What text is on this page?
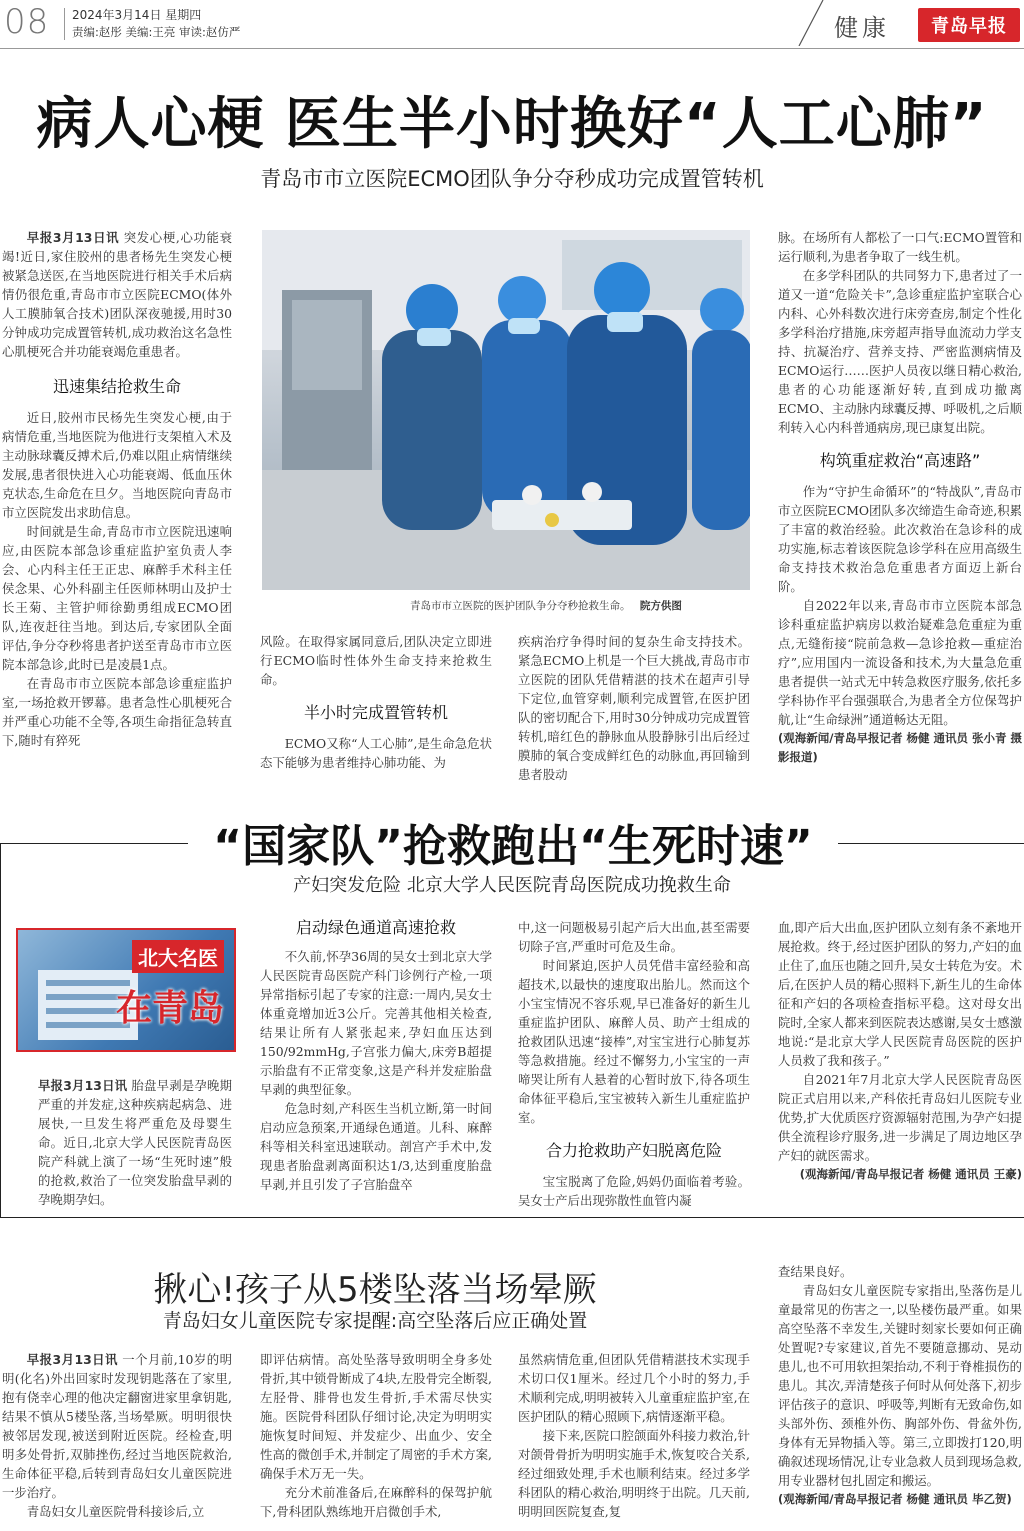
08 2024年3月14日 星期四
责编:赵彤 美编:王亮 审读:赵仿严	健康 青岛早报
病人心梗 医生半小时换好“人工心肺”
青岛市市立医院ECMO团队争分夺秒成功完成置管转机
青岛市市立医院的医护团队争分夺秒抢救生命。 院方供图

早报3月13日讯 突发心梗,心功能衰竭!近日,家住胶州的患者杨先生突发心梗被紧急送医,在当地医院进行相关手术后病情仍很危重,青岛市市立医院ECMO(体外人工膜肺氧合技术)团队深夜驰援,用时30分钟成功完成置管转机,成功救治这名急性心肌梗死合并功能衰竭危重患者。

迅速集结抢救生命

近日,胶州市民杨先生突发心梗,由于病情危重,当地医院为他进行支架植入术及主动脉球囊反搏术后,仍难以阻止病情继续发展,患者很快进入心功能衰竭、低血压休克状态,生命危在旦夕。当地医院向青岛市市立医院发出求助信息。

时间就是生命,青岛市市立医院迅速响应,由医院本部急诊重症监护室负责人李会、心内科主任王正忠、麻醉手术科主任侯念果、心外科副主任医师林明山及护士长王菊、主管护师徐勤勇组成ECMO团队,连夜赶往当地。到达后,专家团队全面评估,争分夺秒将患者护送至青岛市市立医院本部急诊,此时已是凌晨1点。

在青岛市市立医院本部急诊重症监护室,一场抢救开锣幕。患者急性心肌梗死合并严重心功能不全等,各项生命指征急转直下,随时有猝死

风险。在取得家属同意后,团队决定立即进行ECMO临时性体外生命支持来抢救生命。

半小时完成置管转机

ECMO又称“人工心肺”,是生命急危状态下能够为患者维持心肺功能、为

疾病治疗争得时间的复杂生命支持技术。紧急ECMO上机是一个巨大挑战,青岛市市立医院的团队凭借精湛的技术在超声引导下定位,血管穿刺,顺利完成置管,在医护团队的密切配合下,用时30分钟成功完成置管转机,暗红色的静脉血从股静脉引出后经过膜肺的氧合变成鲜红色的动脉血,再回输到患者股动

脉。在场所有人都松了一口气:ECMO置管和运行顺利,为患者争取了一线生机。

在多学科团队的共同努力下,患者过了一道又一道“危险关卡”,急诊重症监护室联合心内科、心外科数次进行床旁查房,制定个性化多学科治疗措施,床旁超声指导血流动力学支持、抗凝治疗、营养支持、严密监测病情及ECMO运行……医护人员夜以继日精心救治,患者的心功能逐渐好转,直到成功撤离ECMO、主动脉内球囊反搏、呼吸机,之后顺利转入心内科普通病房,现已康复出院。

构筑重症救治“高速路”

作为“守护生命循环”的“特战队”,青岛市市立医院ECMO团队多次缔造生命奇迹,积累了丰富的救治经验。此次救治在急诊科的成功实施,标志着该医院急诊学科在应用高级生命支持技术救治急危重患者方面迈上新台阶。

自2022年以来,青岛市市立医院本部急诊科重症监护病房以救治疑难急危重症为重点,无缝衔接“院前急救—急诊抢救—重症治疗”,应用国内一流设备和技术,为大量急危重患者提供一站式无中转急救医疗服务,依托多学科协作平台强强联合,为患者全方位保驾护航,让“生命绿洲”通道畅达无阻。

(观海新闻/青岛早报记者 杨健 通讯员 张小青 摄影报道)

“国家队”抢救跑出“生死时速”
产妇突发危险 北京大学人民医院青岛医院成功挽救生命
北大名医
在青岛

早报3月13日讯 胎盘早剥是孕晚期严重的并发症,这种疾病起病急、进展快,一旦发生将严重危及母婴生命。近日,北京大学人民医院青岛医院产科就上演了一场“生死时速”般的抢救,救治了一位突发胎盘早剥的孕晚期孕妇。

启动绿色通道高速抢救

不久前,怀孕36周的吴女士到北京大学人民医院青岛医院产科门诊例行产检,一项异常指标引起了专家的注意:一周内,吴女士体重竟增加近3公斤。完善其他相关检查,结果让所有人紧张起来,孕妇血压达到150/92mmHg,子宫张力偏大,床旁B超提示胎盘有不正常变象,这是产科并发症胎盘早剥的典型征象。

危急时刻,产科医生当机立断,第一时间启动应急预案,开通绿色通道。儿科、麻醉科等相关科室迅速联动。剖宫产手术中,发现患者胎盘剥离面积达1/3,达到重度胎盘早剥,并且引发了子宫胎盘卒

中,这一问题极易引起产后大出血,甚至需要切除子宫,严重时可危及生命。

时间紧迫,医护人员凭借丰富经验和高超技术,以最快的速度取出胎儿。然而这个小宝宝情况不容乐观,早已准备好的新生儿重症监护团队、麻醉人员、助产士组成的抢救团队迅速“接棒”,对宝宝进行心肺复苏等急救措施。经过不懈努力,小宝宝的一声啼哭让所有人悬着的心暂时放下,待各项生命体征平稳后,宝宝被转入新生儿重症监护室。

合力抢救助产妇脱离危险

宝宝脱离了危险,妈妈仍面临着考验。吴女士产后出现弥散性血管内凝

血,即产后大出血,医护团队立刻有条不紊地开展抢救。终于,经过医护团队的努力,产妇的血止住了,血压也随之回升,吴女士转危为安。术后,在医护人员的精心照料下,新生儿的生命体征和产妇的各项检查指标平稳。这对母女出院时,全家人都来到医院表达感谢,吴女士感激地说:“是北京大学人民医院青岛医院的医护人员救了我和孩子。”

自2021年7月北京大学人民医院青岛医院正式启用以来,产科依托青岛妇儿医院专业优势,扩大优质医疗资源辐射范围,为孕产妇提供全流程诊疗服务,进一步满足了周边地区孕产妇的就医需求。

(观海新闻/青岛早报记者 杨健 通讯员 王豪)

揪心!孩子从5楼坠落当场晕厥
青岛妇女儿童医院专家提醒:高空坠落后应正确处置

早报3月13日讯 一个月前,10岁的明明(化名)外出回家时发现钥匙落在了家里,抱有侥幸心理的他决定翻窗进家里拿钥匙,结果不慎从5楼坠落,当场晕厥。明明很快被邻居发现,被送到附近医院。经检查,明明多处骨折,双肺挫伤,经过当地医院救治,生命体征平稳,后转到青岛妇女儿童医院进一步治疗。

青岛妇女儿童医院骨科接诊后,立

即评估病情。高处坠落导致明明全身多处骨折,其中锁骨断成了4块,左股骨完全断裂,左胫骨、腓骨也发生骨折,手术需尽快实施。医院骨科团队仔细讨论,决定为明明实施恢复时间短、并发症少、出血少、安全性高的微创手术,并制定了周密的手术方案,确保手术万无一失。

充分术前准备后,在麻醉科的保驾护航下,骨科团队熟练地开启微创手术,

虽然病情危重,但团队凭借精湛技术实现手术切口仅1厘米。经过几个小时的努力,手术顺利完成,明明被转入儿童重症监护室,在医护团队的精心照顾下,病情逐渐平稳。

接下来,医院口腔颌面外科接力救治,针对颌骨骨折为明明实施手术,恢复咬合关系,经过细致处理,手术也顺利结束。经过多学科团队的精心救治,明明终于出院。几天前,明明回医院复查,复

查结果良好。

青岛妇女儿童医院专家指出,坠落伤是儿童最常见的伤害之一,以坠楼伤最严重。如果高空坠落不幸发生,关键时刻家长要如何正确处置呢?专家建议,首先不要随意挪动、晃动患儿,也不可用软担架抬动,不利于脊椎损伤的患儿。其次,弄清楚孩子何时从何处落下,初步评估孩子的意识、呼吸等,判断有无致命伤,如头部外伤、颈椎外伤、胸部外伤、骨盆外伤,身体有无异物插入等。第三,立即拨打120,明确叙述现场情况,让专业急救人员到现场急救,用专业器材包扎固定和搬运。

(观海新闻/青岛早报记者 杨健 通讯员 毕乙贺)
